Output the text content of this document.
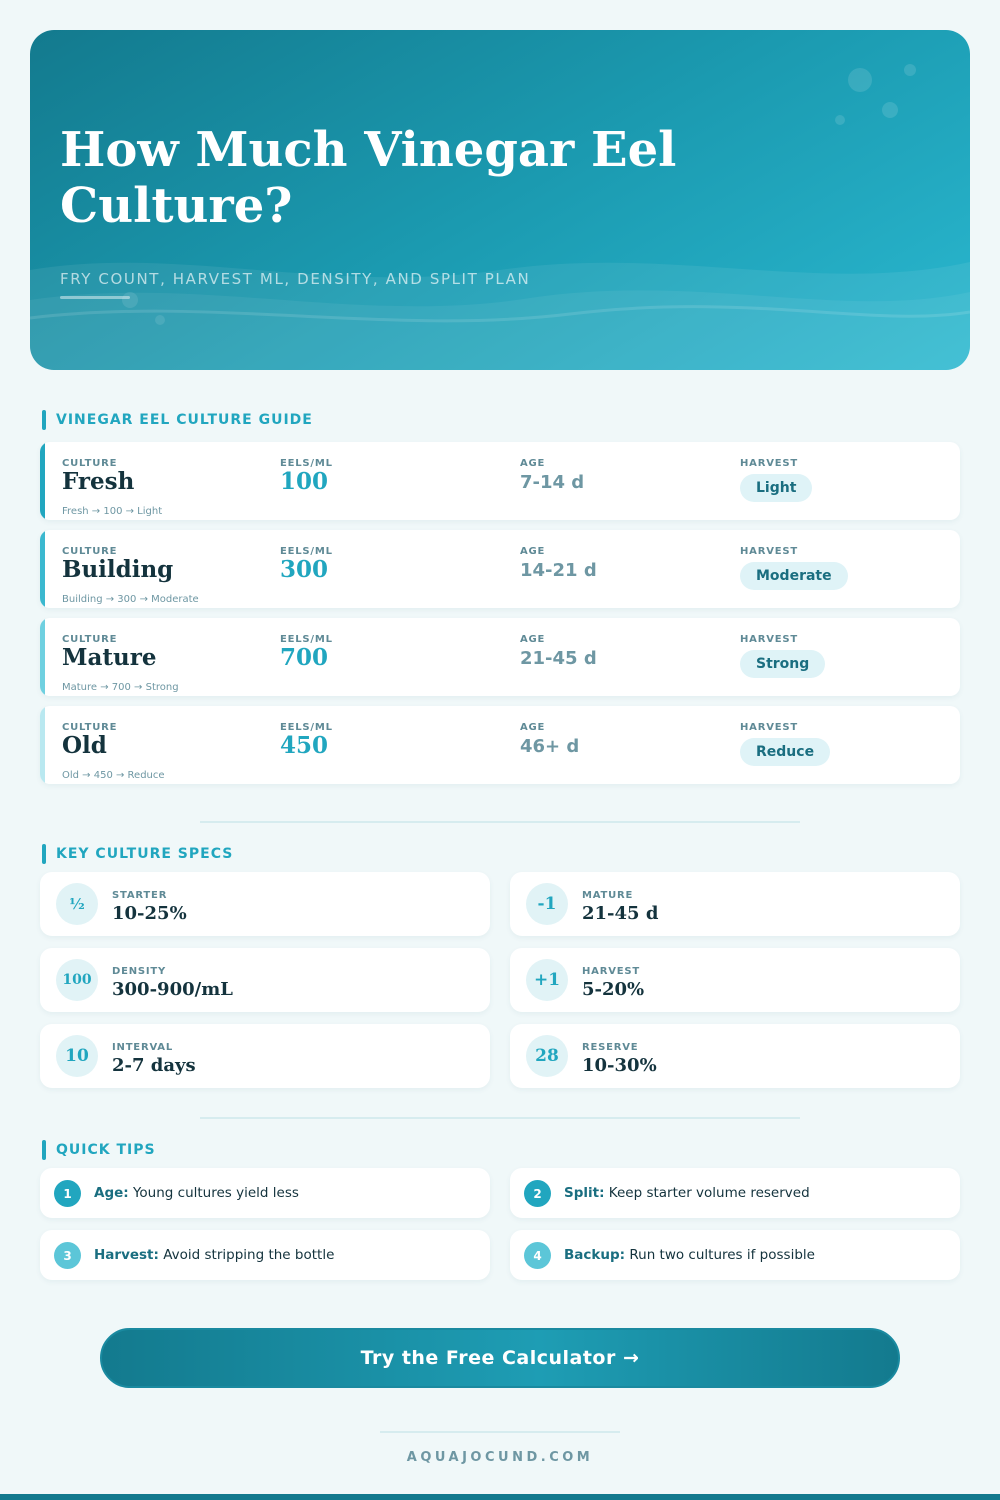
How Much Vinegar Eel Culture?
FRY COUNT, HARVEST ML, DENSITY, AND SPLIT PLAN
VINEGAR EEL CULTURE GUIDE
CULTURE	EELS/ML	AGE	HARVEST
Fresh	100	7-14 d	Light
Fresh → 100 → Light
CULTURE	EELS/ML	AGE	HARVEST
Building	300	14-21 d	Moderate
Building → 300 → Moderate
CULTURE	EELS/ML	AGE	HARVEST
Mature	700	21-45 d	Strong
Mature → 700 → Strong
CULTURE	EELS/ML	AGE	HARVEST
Old	450	46+ d	Reduce
Old → 450 → Reduce
KEY CULTURE SPECS
½	STARTER
10-25%	-1	MATURE
21-45 d
100
DENSITY
300-900/mL	+1	HARVEST
5-20%
10	INTERVAL
2-7 days	28	RESERVE
10-30%
QUICK TIPS
1	Age: Young cultures yield less	2	Split: Keep starter volume reserved
3	Harvest: Avoid stripping the bottle	4	Backup: Run two cultures if possible
Try the Free Calculator →
AQUAJOCUND.COM
